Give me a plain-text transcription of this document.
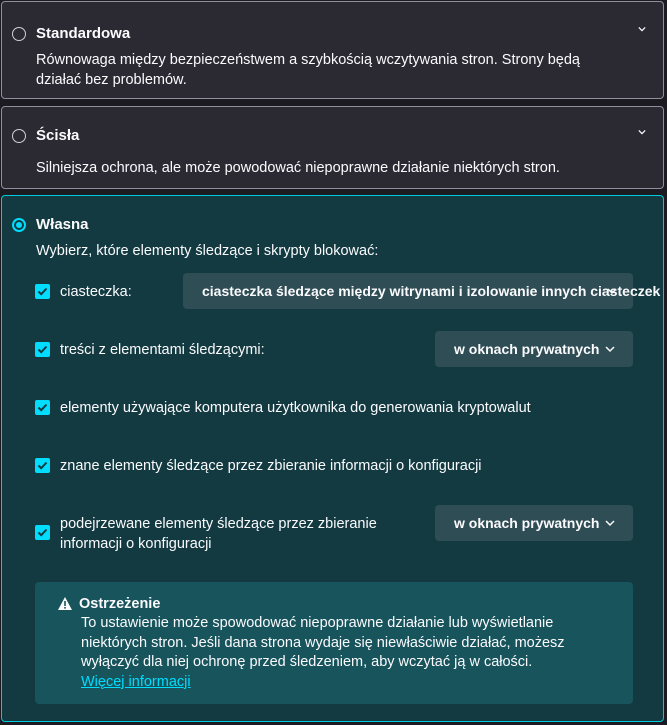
Standardowa
Równowaga między bezpieczeństwem a szybkością wczytywania stron. Strony będą działać bez problemów.
Ścisła
Silniejsza ochrona, ale może powodować niepoprawne działanie niektórych stron.
Własna
Wybierz, które elementy śledzące i skrypty blokować:
ciasteczka:	ciasteczka śledzące między witrynami i izolowanie innych ciasteczek
treści z elementami śledzącymi:	w oknach prywatnych
elementy używające komputera użytkownika do generowania kryptowalut
znane elementy śledzące przez zbieranie informacji o konfiguracji
podejrzewane elementy śledzące przez zbieranie informacji o konfiguracji
w oknach prywatnych
Ostrzeżenie
To ustawienie może spowodować niepoprawne działanie lub wyświetlanie niektórych stron. Jeśli dana strona wydaje się niewłaściwie działać, możesz wyłączyć dla niej ochronę przed śledzeniem, aby wczytać ją w całości.
Więcej informacji
